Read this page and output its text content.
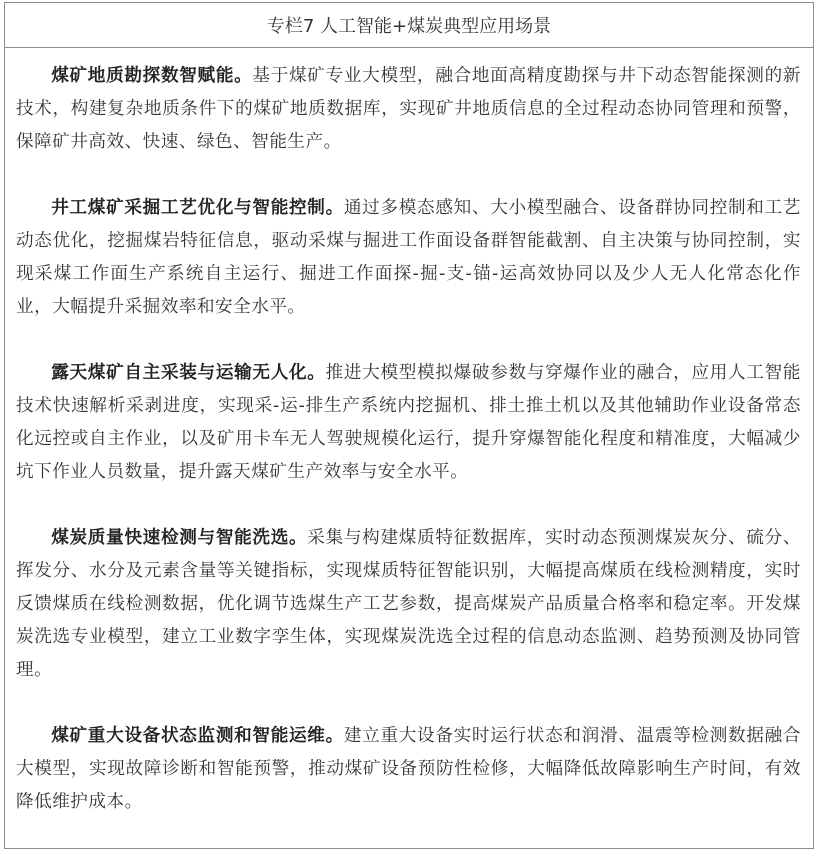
专栏7 人工智能+煤炭典型应用场景

煤矿地质勘探数智赋能。基于煤矿专业大模型，融合地面高精度勘探与井下动态智能探测的新技术，构建复杂地质条件下的煤矿地质数据库，实现矿井地质信息的全过程动态协同管理和预警，保障矿井高效、快速、绿色、智能生产。

井工煤矿采掘工艺优化与智能控制。通过多模态感知、大小模型融合、设备群协同控制和工艺动态优化，挖掘煤岩特征信息，驱动采煤与掘进工作面设备群智能截割、自主决策与协同控制，实现采煤工作面生产系统自主运行、掘进工作面探-掘-支-锚-运高效协同以及少人无人化常态化作业，大幅提升采掘效率和安全水平。

露天煤矿自主采装与运输无人化。推进大模型模拟爆破参数与穿爆作业的融合，应用人工智能技术快速解析采剥进度，实现采-运-排生产系统内挖掘机、排土推土机以及其他辅助作业设备常态化远控或自主作业，以及矿用卡车无人驾驶规模化运行，提升穿爆智能化程度和精准度，大幅减少坑下作业人员数量，提升露天煤矿生产效率与安全水平。

煤炭质量快速检测与智能洗选。采集与构建煤质特征数据库，实时动态预测煤炭灰分、硫分、挥发分、水分及元素含量等关键指标，实现煤质特征智能识别，大幅提高煤质在线检测精度，实时反馈煤质在线检测数据，优化调节选煤生产工艺参数，提高煤炭产品质量合格率和稳定率。开发煤炭洗选专业模型，建立工业数字孪生体，实现煤炭洗选全过程的信息动态监测、趋势预测及协同管理。

煤矿重大设备状态监测和智能运维。建立重大设备实时运行状态和润滑、温震等检测数据融合大模型，实现故障诊断和智能预警，推动煤矿设备预防性检修，大幅降低故障影响生产时间，有效降低维护成本。
